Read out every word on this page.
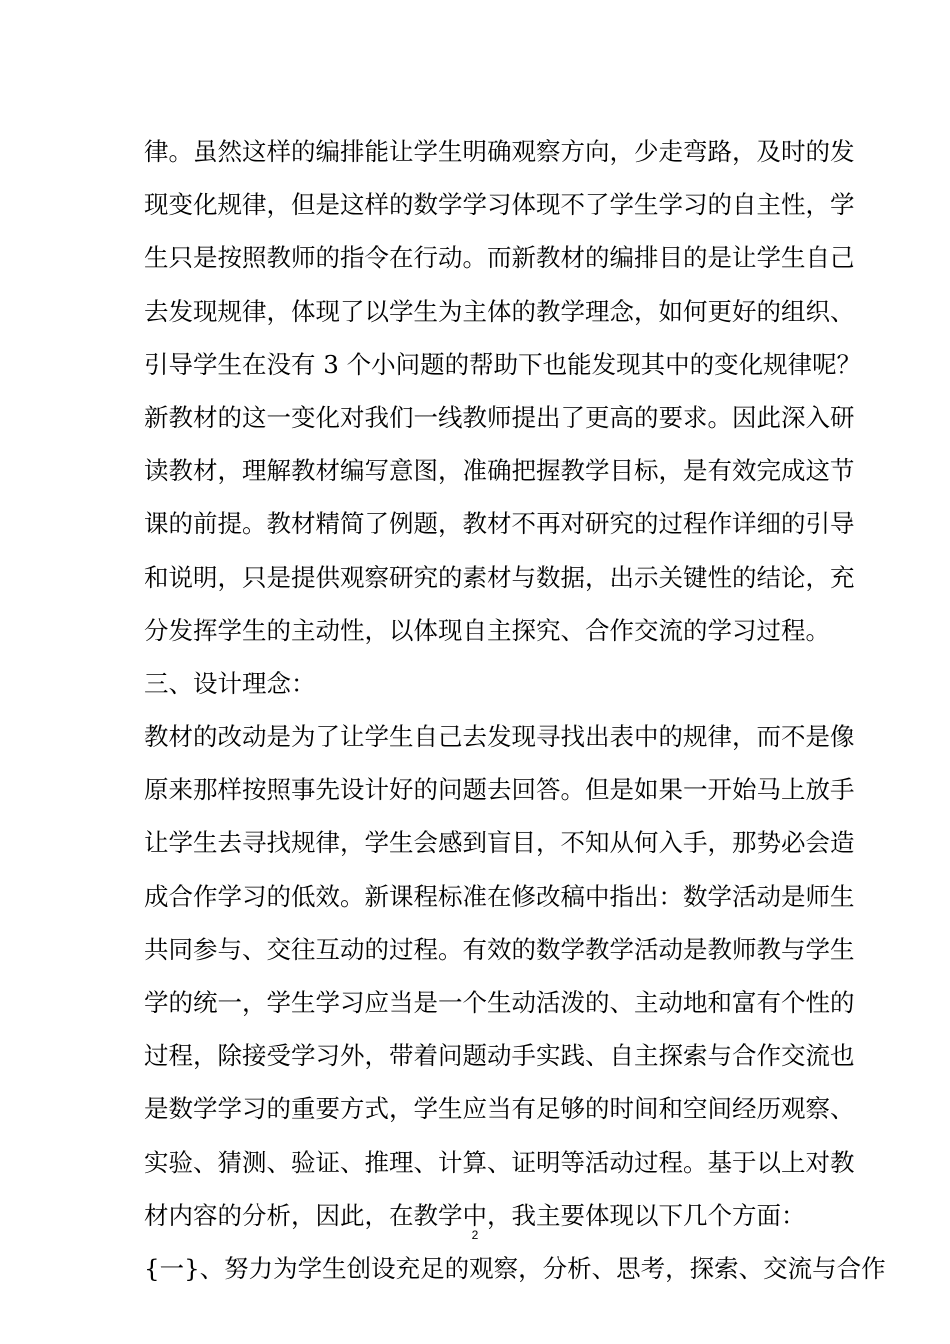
律。虽然这样的编排能让学生明确观察方向，少走弯路，及时的发
现变化规律，但是这样的数学学习体现不了学生学习的自主性，学
生只是按照教师的指令在行动。而新教材的编排目的是让学生自己
去发现规律，体现了以学生为主体的教学理念，如何更好的组织、
引导学生在没有 3 个小问题的帮助下也能发现其中的变化规律呢？
新教材的这一变化对我们一线教师提出了更高的要求。因此深入研
读教材，理解教材编写意图，准确把握教学目标，是有效完成这节
课的前提。教材精简了例题，教材不再对研究的过程作详细的引导
和说明，只是提供观察研究的素材与数据，出示关键性的结论，充
分发挥学生的主动性，以体现自主探究、合作交流的学习过程。
三、设计理念：
教材的改动是为了让学生自己去发现寻找出表中的规律，而不是像
原来那样按照事先设计好的问题去回答。但是如果一开始马上放手
让学生去寻找规律，学生会感到盲目，不知从何入手，那势必会造
成合作学习的低效。新课程标准在修改稿中指出：数学活动是师生
共同参与、交往互动的过程。有效的数学教学活动是教师教与学生
学的统一，学生学习应当是一个生动活泼的、主动地和富有个性的
过程，除接受学习外，带着问题动手实践、自主探索与合作交流也
是数学学习的重要方式，学生应当有足够的时间和空间经历观察、
实验、猜测、验证、推理、计算、证明等活动过程。基于以上对教
材内容的分析，因此，在教学中，我主要体现以下几个方面：
{一}、努力为学生创设充足的观察，分析、思考，探索、交流与合作
2
